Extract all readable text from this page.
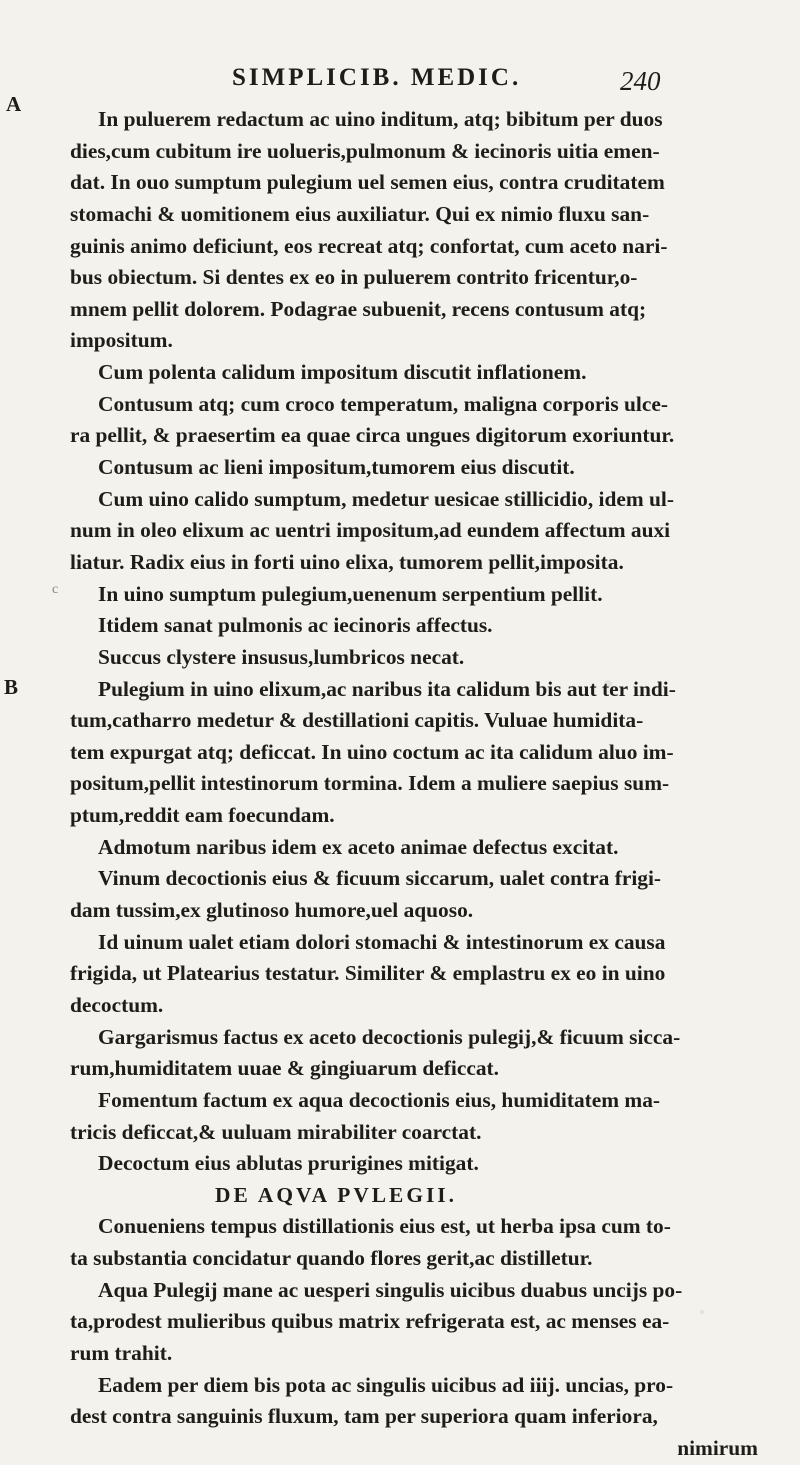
SIMPLICIB. MEDIC.	240
A
B
c
In puluerem redactum ac uino inditum, atq; bibitum per duos
dies,cum cubitum ire uolueris,pulmonum & iecinoris uitia emen-
dat. In ouo sumptum pulegium uel semen eius, contra cruditatem
stomachi & uomitionem eius auxiliatur. Qui ex nimio fluxu san-
guinis animo deficiunt, eos recreat atq; confortat, cum aceto nari-
bus obiectum. Si dentes ex eo in puluerem contrito fricentur,o-
mnem pellit dolorem. Podagrae subuenit, recens contusum atq;
impositum.
Cum polenta calidum impositum discutit inflationem.
Contusum atq; cum croco temperatum, maligna corporis ulce-
ra pellit, & praesertim ea quae circa ungues digitorum exoriuntur.
Contusum ac lieni impositum,tumorem eius discutit.
Cum uino calido sumptum, medetur uesicae stillicidio, idem ul-
num in oleo elixum ac uentri impositum,ad eundem affectum auxi
liatur. Radix eius in forti uino elixa, tumorem pellit,imposita.
In uino sumptum pulegium,uenenum serpentium pellit.
Itidem sanat pulmonis ac iecinoris affectus.
Succus clystere insusus,lumbricos necat.
Pulegium in uino elixum,ac naribus ita calidum bis aut ter indi-
tum,catharro medetur & destillationi capitis. Vuluae humidita-
tem expurgat atq; deficcat. In uino coctum ac ita calidum aluo im-
positum,pellit intestinorum tormina. Idem a muliere saepius sum-
ptum,reddit eam foecundam.
Admotum naribus idem ex aceto animae defectus excitat.
Vinum decoctionis eius & ficuum siccarum, ualet contra frigi-
dam tussim,ex glutinoso humore,uel aquoso.
Id uinum ualet etiam dolori stomachi & intestinorum ex causa
frigida, ut Platearius testatur. Similiter & emplastru ex eo in uino
decoctum.
Gargarismus factus ex aceto decoctionis pulegij,& ficuum sicca-
rum,humiditatem uuae & gingiuarum deficcat.
Fomentum factum ex aqua decoctionis eius, humiditatem ma-
tricis deficcat,& uuluam mirabiliter coarctat.
Decoctum eius ablutas prurigines mitigat.
DE AQVA PVLEGII.
Conueniens tempus distillationis eius est, ut herba ipsa cum to-
ta substantia concidatur quando flores gerit,ac distilletur.
Aqua Pulegij mane ac uesperi singulis uicibus duabus uncijs po-
ta,prodest mulieribus quibus matrix refrigerata est, ac menses ea-
rum trahit.
Eadem per diem bis pota ac singulis uicibus ad iiij. uncias, pro-
dest contra sanguinis fluxum, tam per superiora quam inferiora,
nimirum
